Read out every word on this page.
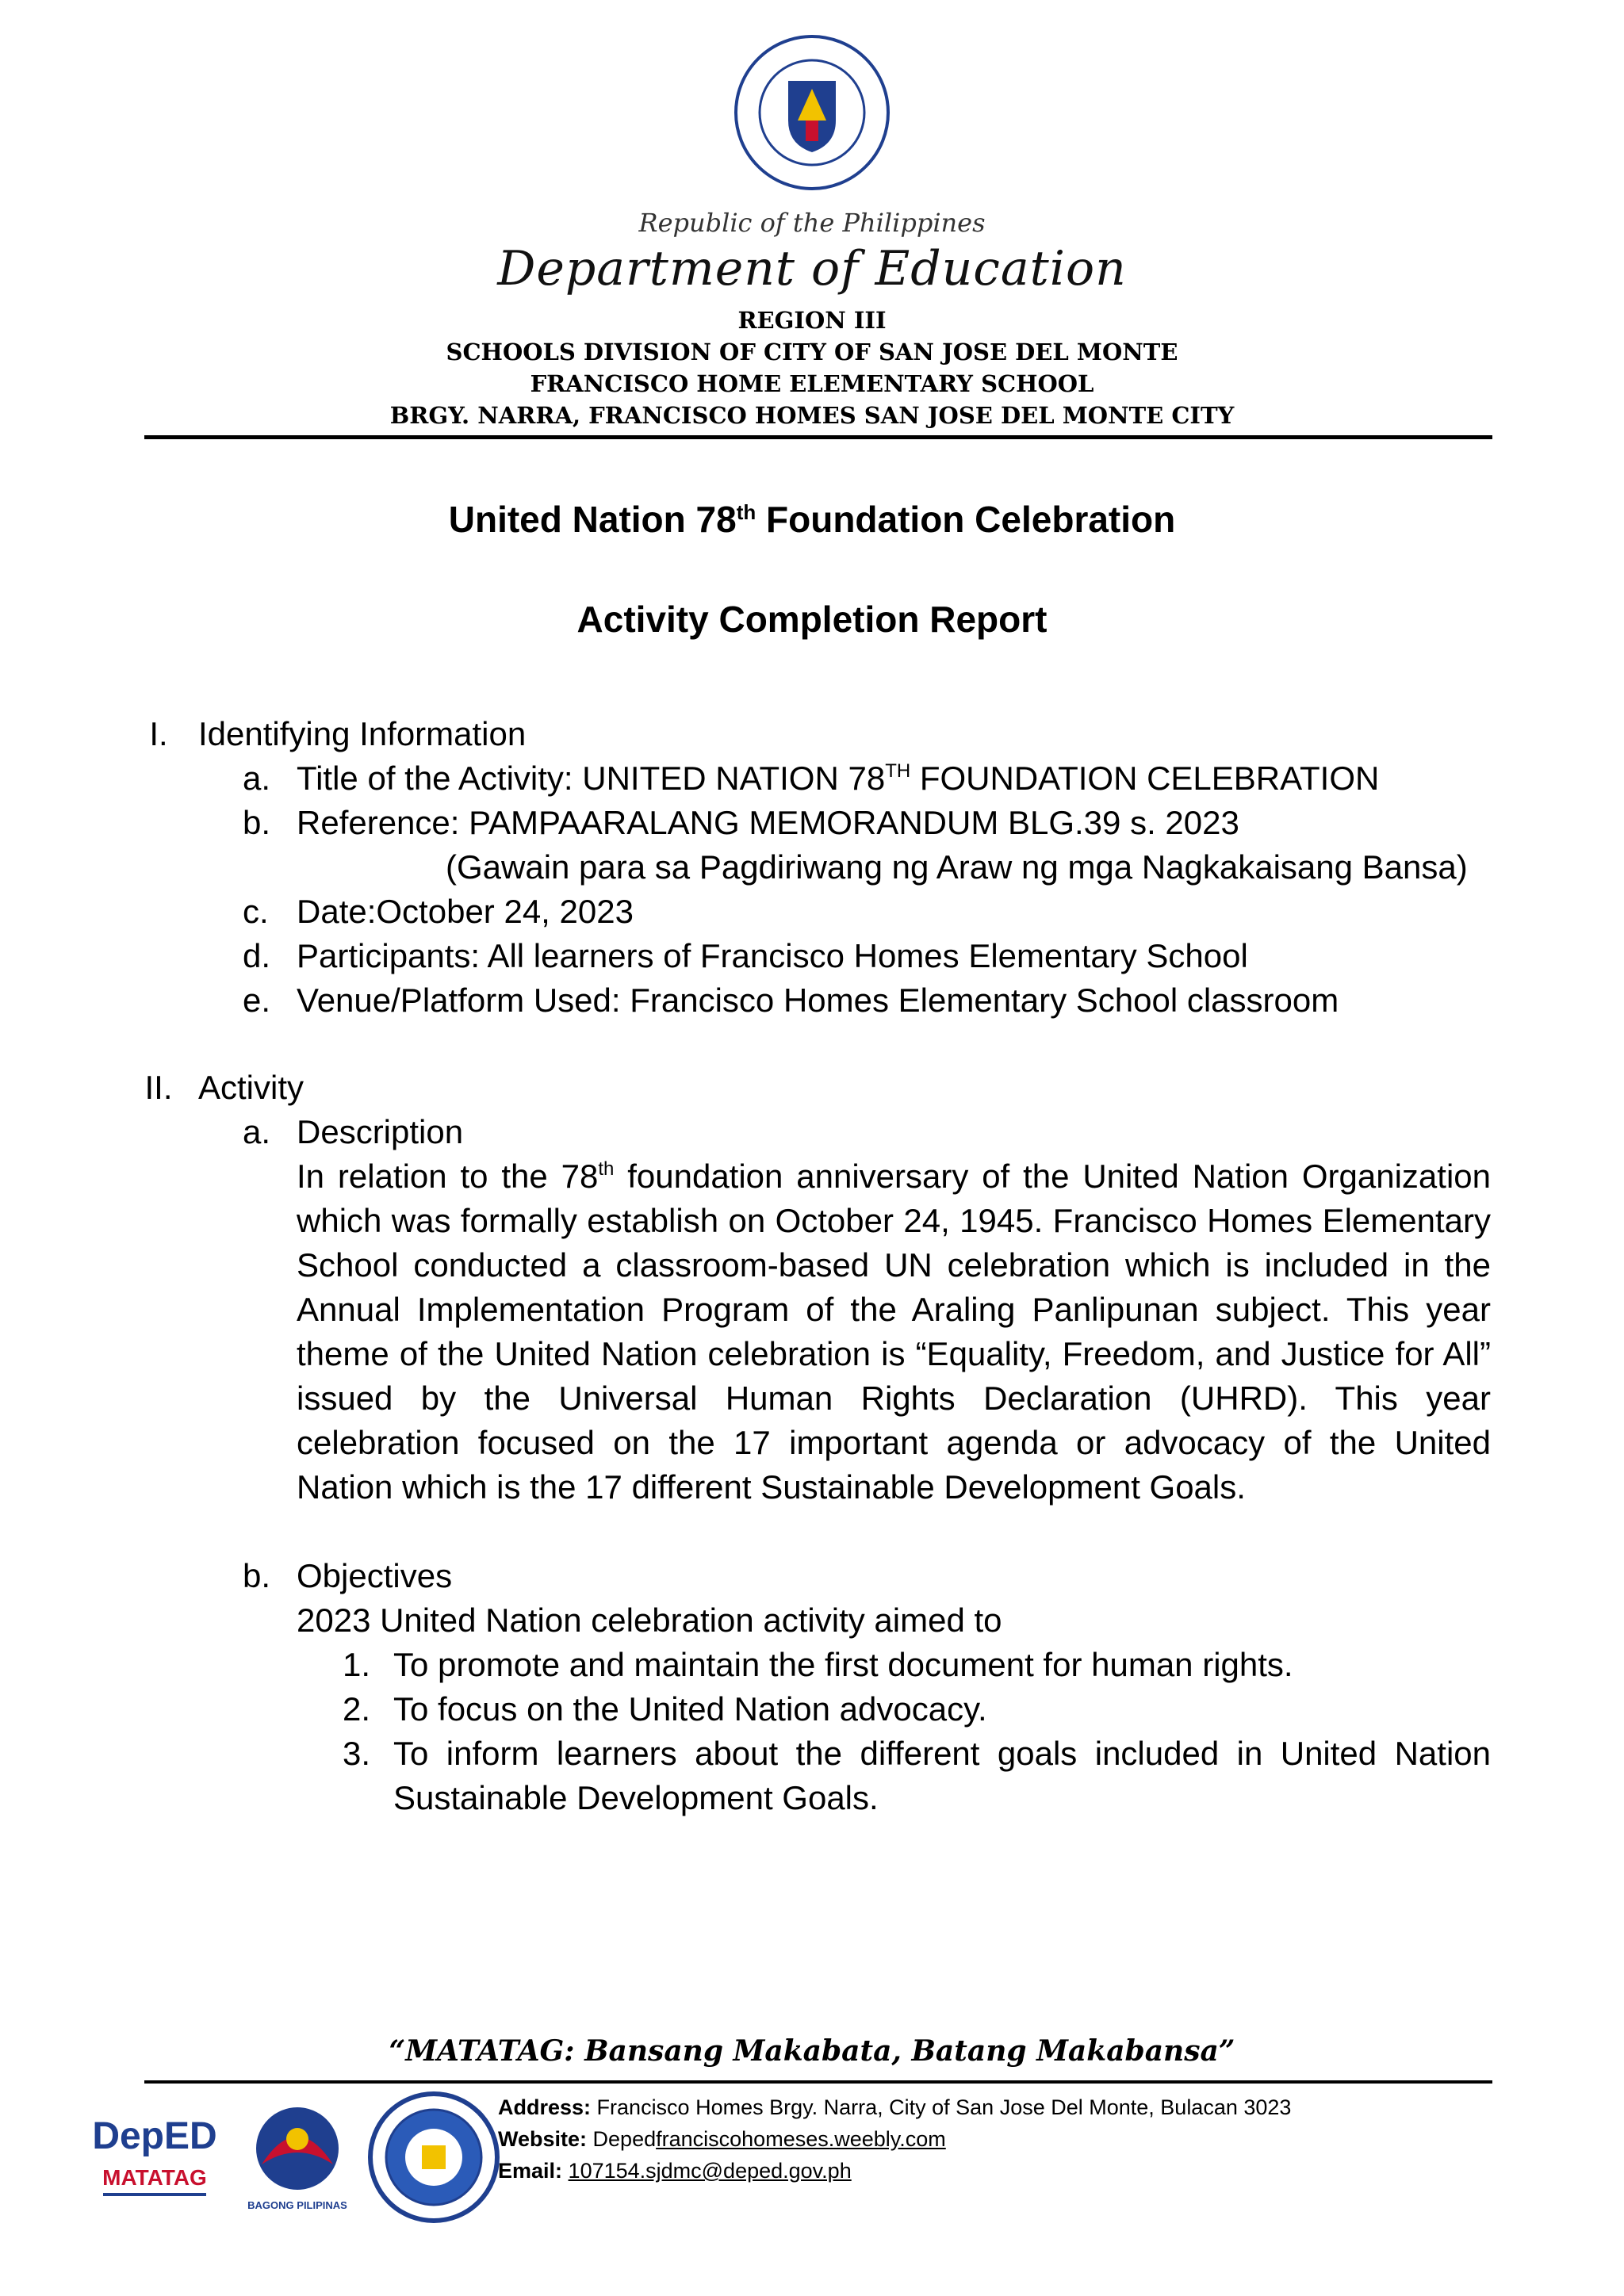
Republic of the Philippines
Department of Education
REGION III
SCHOOLS DIVISION OF CITY OF SAN JOSE DEL MONTE
FRANCISCO HOME ELEMENTARY SCHOOL
BRGY. NARRA, FRANCISCO HOMES SAN JOSE DEL MONTE CITY
United Nation 78th Foundation Celebration
Activity Completion Report
I. Identifying Information
a. Title of the Activity: UNITED NATION 78TH FOUNDATION CELEBRATION
b. Reference: PAMPAARALANG MEMORANDUM BLG.39 s. 2023
(Gawain para sa Pagdiriwang ng Araw ng mga Nagkakaisang Bansa)
c. Date:October 24, 2023
d. Participants: All learners of Francisco Homes Elementary School
e. Venue/Platform Used: Francisco Homes Elementary School classroom
II. Activity
a. Description
In relation to the 78th foundation anniversary of the United Nation Organization which was formally establish on October 24, 1945. Francisco Homes Elementary School conducted a classroom-based UN celebration which is included in the Annual Implementation Program of the Araling Panlipunan subject. This year theme of the United Nation celebration is “Equality, Freedom, and Justice for All” issued by the Universal Human Rights Declaration (UHRD). This year celebration focused on the 17 important agenda or advocacy of the United Nation which is the 17 different Sustainable Development Goals.
b. Objectives
2023 United Nation celebration activity aimed to
1. To promote and maintain the first document for human rights.
2. To focus on the United Nation advocacy.
3. To inform learners about the different goals included in United Nation Sustainable Development Goals.
“MATATAG: Bansang Makabata, Batang Makabansa”
DepED
MATATAG
BAGONG PILIPINAS
Address: Francisco Homes Brgy. Narra, City of San Jose Del Monte, Bulacan 3023
Website: Depedfranciscohomeses.weebly.com
Email: 107154.sjdmc@deped.gov.ph
